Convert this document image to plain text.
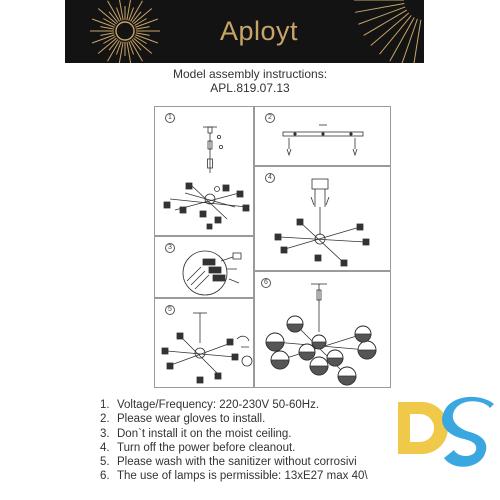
Aployt
Model assembly instructions:
APL.819.07.13
1	2
4
3
6
5
1. Voltage/Frequency: 220-230V 50-60Hz.
2. Please wear gloves to install.
3. Don`t install it on the moist ceiling.
4. Turn off the power before cleanout.
5. Please wash with the sanitizer without corrosivi
6. The use of lamps is permissible: 13xE27 max 40\
